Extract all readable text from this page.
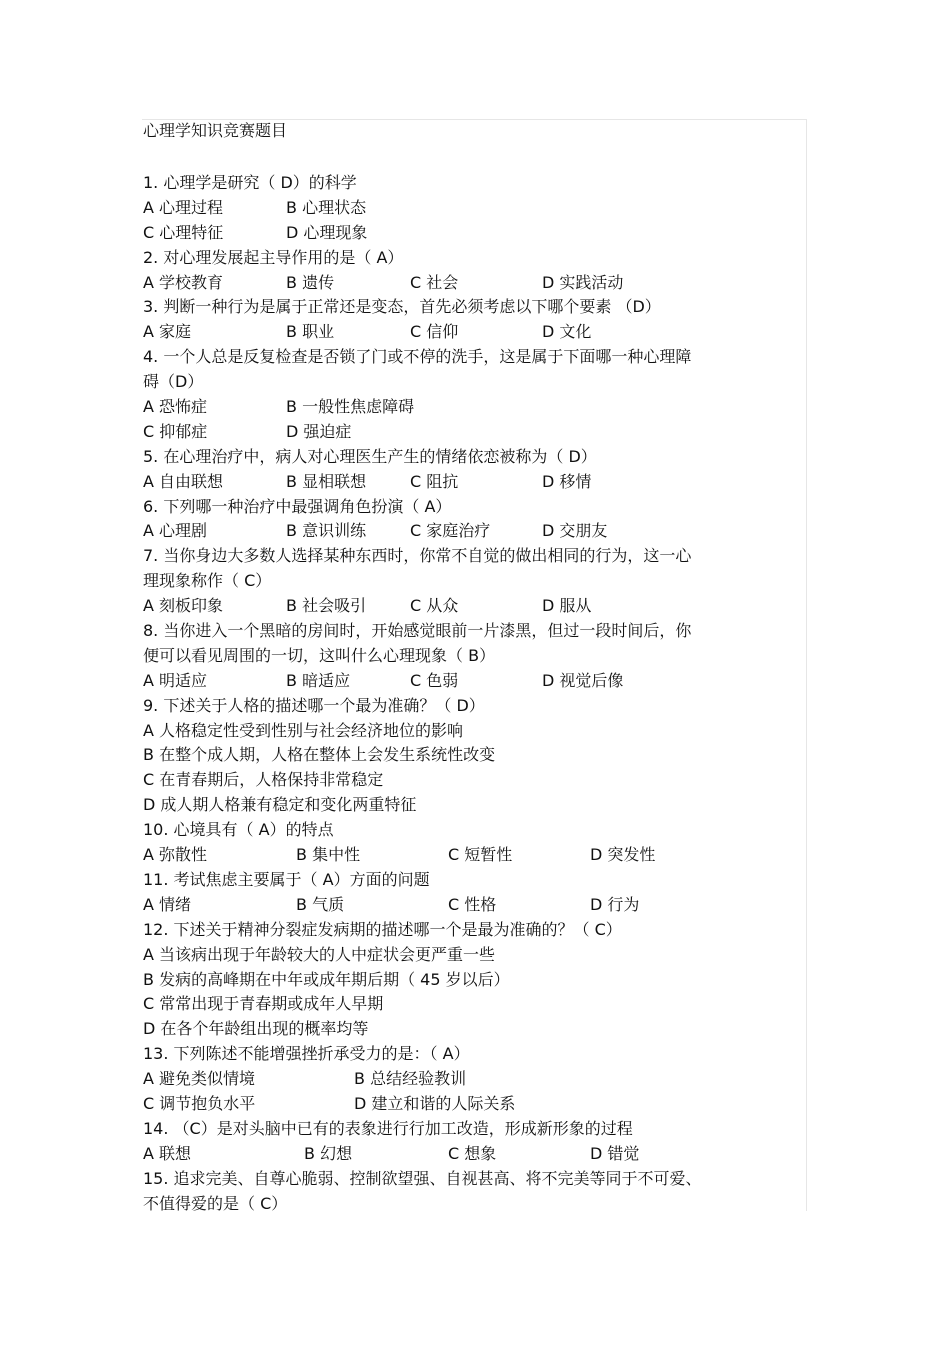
心理学知识竞赛题目
1. 心理学是研究（ D）的科学
A 心理过程	B 心理状态
C 心理特征	D 心理现象
2. 对心理发展起主导作用的是（ A）
A 学校教育	B 遗传	C 社会	D 实践活动
3. 判断一种行为是属于正常还是变态，首先必须考虑以下哪个要素 （D）
A 家庭	B 职业	C 信仰	D 文化
4. 一个人总是反复检查是否锁了门或不停的洗手，这是属于下面哪一种心理障
碍（D）
A 恐怖症	B 一般性焦虑障碍
C 抑郁症	D 强迫症
5. 在心理治疗中，病人对心理医生产生的情绪依恋被称为（ D）
A 自由联想	B 显相联想	C 阻抗	D 移情
6. 下列哪一种治疗中最强调角色扮演（ A）
A 心理剧	B 意识训练	C 家庭治疗	D 交朋友
7. 当你身边大多数人选择某种东西时，你常不自觉的做出相同的行为，这一心
理现象称作（ C）
A 刻板印象	B 社会吸引	C 从众	D 服从
8. 当你进入一个黑暗的房间时，开始感觉眼前一片漆黑，但过一段时间后，你
便可以看见周围的一切，这叫什么心理现象（ B）
A 明适应	B 暗适应	C 色弱	D 视觉后像
9. 下述关于人格的描述哪一个最为准确？（ D）
A 人格稳定性受到性别与社会经济地位的影响
B 在整个成人期，人格在整体上会发生系统性改变
C 在青春期后，人格保持非常稳定
D 成人期人格兼有稳定和变化两重特征
10. 心境具有（ A）的特点
A 弥散性	B 集中性	C 短暂性	D 突发性
11. 考试焦虑主要属于（ A）方面的问题
A 情绪	B 气质	C 性格	D 行为
12. 下述关于精神分裂症发病期的描述哪一个是最为准确的？（ C）
A 当该病出现于年龄较大的人中症状会更严重一些
B 发病的高峰期在中年或成年期后期（ 45 岁以后）
C 常常出现于青春期或成年人早期
D 在各个年龄组出现的概率均等
13. 下列陈述不能增强挫折承受力的是：（ A）
A 避免类似情境	B 总结经验教训
C 调节抱负水平	D 建立和谐的人际关系
14. （C）是对头脑中已有的表象进行行加工改造，形成新形象的过程
A 联想	B 幻想	C 想象	D 错觉
15. 追求完美、自尊心脆弱、控制欲望强、自视甚高、将不完美等同于不可爱、
不值得爱的是（ C）
